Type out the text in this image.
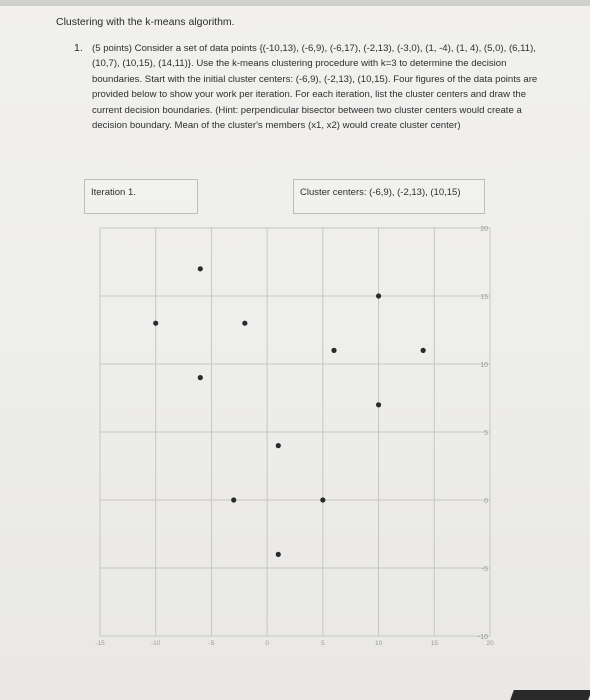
Clustering with the k-means algorithm.
1. (5 points) Consider a set of data points {(-10,13), (-6,9), (-6,17), (-2,13), (-3,0), (1, -4), (1, 4), (5,0), (6,11), (10,7), (10,15), (14,11)}. Use the k-means clustering procedure with k=3 to determine the decision boundaries. Start with the initial cluster centers: (-6,9), (-2,13), (10,15). Four figures of the data points are provided below to show your work per iteration. For each iteration, list the cluster centers and draw the current decision boundaries. (Hint: perpendicular bisector between two cluster centers would create a decision boundary. Mean of the cluster's members (x1, x2) would create cluster center)
Iteration 1.	Cluster centers: (-6,9), (-2,13), (10,15)
20
15
10
5
0
-5
-10
-15	-10	-5	0	5	10	15	20
